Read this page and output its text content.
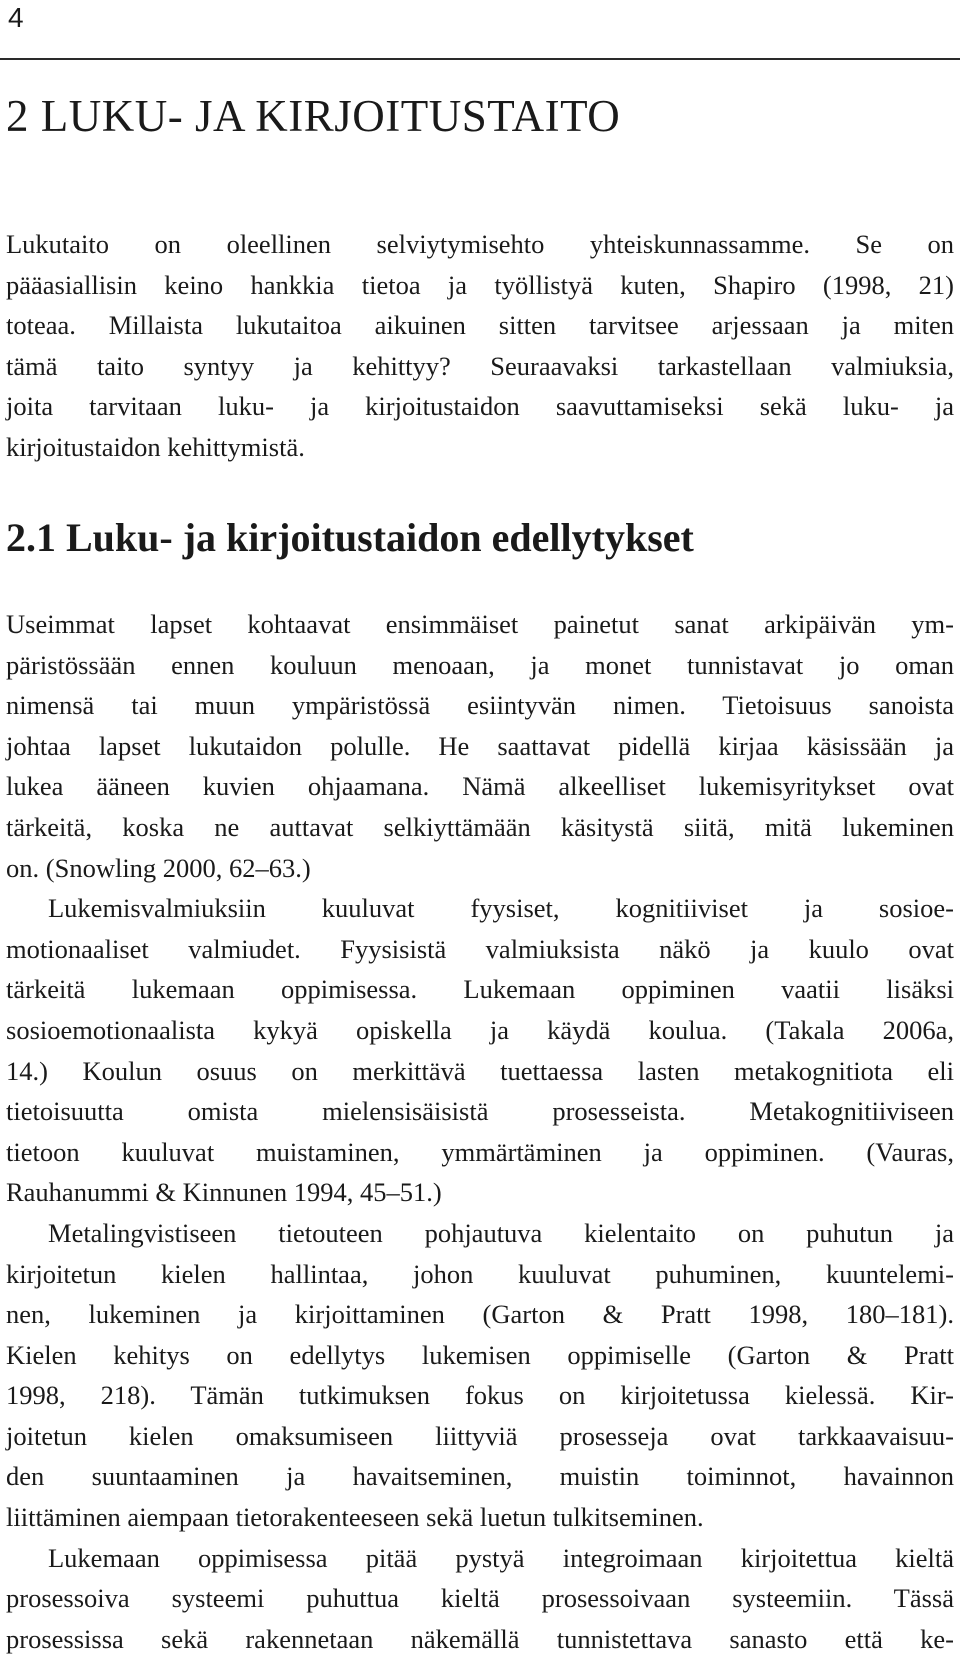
4
2 LUKU- JA KIRJOITUSTAITO
Lukutaito on oleellinen selviytymisehto yhteiskunnassamme. Se on
pääasiallisin keino hankkia tietoa ja työllistyä kuten, Shapiro (1998, 21)
toteaa. Millaista lukutaitoa aikuinen sitten tarvitsee arjessaan ja miten
tämä taito syntyy ja kehittyy? Seuraavaksi tarkastellaan valmiuksia,
joita tarvitaan luku- ja kirjoitustaidon saavuttamiseksi sekä luku- ja
kirjoitustaidon kehittymistä.
2.1 Luku- ja kirjoitustaidon edellytykset
Useimmat lapset kohtaavat ensimmäiset painetut sanat arkipäivän ym-
päristössään ennen kouluun menoaan, ja monet tunnistavat jo oman
nimensä tai muun ympäristössä esiintyvän nimen. Tietoisuus sanoista
johtaa lapset lukutaidon polulle. He saattavat pidellä kirjaa käsissään ja
lukea ääneen kuvien ohjaamana. Nämä alkeelliset lukemisyritykset ovat
tärkeitä, koska ne auttavat selkiyttämään käsitystä siitä, mitä lukeminen
on. (Snowling 2000, 62–63.)
Lukemisvalmiuksiin kuuluvat fyysiset, kognitiiviset ja sosioe-
motionaaliset valmiudet. Fyysisistä valmiuksista näkö ja kuulo ovat
tärkeitä lukemaan oppimisessa. Lukemaan oppiminen vaatii lisäksi
sosioemotionaalista kykyä opiskella ja käydä koulua. (Takala 2006a,
14.) Koulun osuus on merkittävä tuettaessa lasten metakognitiota eli
tietoisuutta omista mielensisäisistä prosesseista. Metakognitiiviseen
tietoon kuuluvat muistaminen, ymmärtäminen ja oppiminen. (Vauras,
Rauhanummi & Kinnunen 1994, 45–51.)
Metalingvistiseen tietouteen pohjautuva kielentaito on puhutun ja
kirjoitetun kielen hallintaa, johon kuuluvat puhuminen, kuuntelemi-
nen, lukeminen ja kirjoittaminen (Garton & Pratt 1998, 180–181).
Kielen kehitys on edellytys lukemisen oppimiselle (Garton & Pratt
1998, 218). Tämän tutkimuksen fokus on kirjoitetussa kielessä. Kir-
joitetun kielen omaksumiseen liittyviä prosesseja ovat tarkkaavaisuu-
den suuntaaminen ja havaitseminen, muistin toiminnot, havainnon
liittäminen aiempaan tietorakenteeseen sekä luetun tulkitseminen.
Lukemaan oppimisessa pitää pystyä integroimaan kirjoitettua kieltä
prosessoiva systeemi puhuttua kieltä prosessoivaan systeemiin. Tässä
prosessissa sekä rakennetaan näkemällä tunnistettava sanasto että ke-
